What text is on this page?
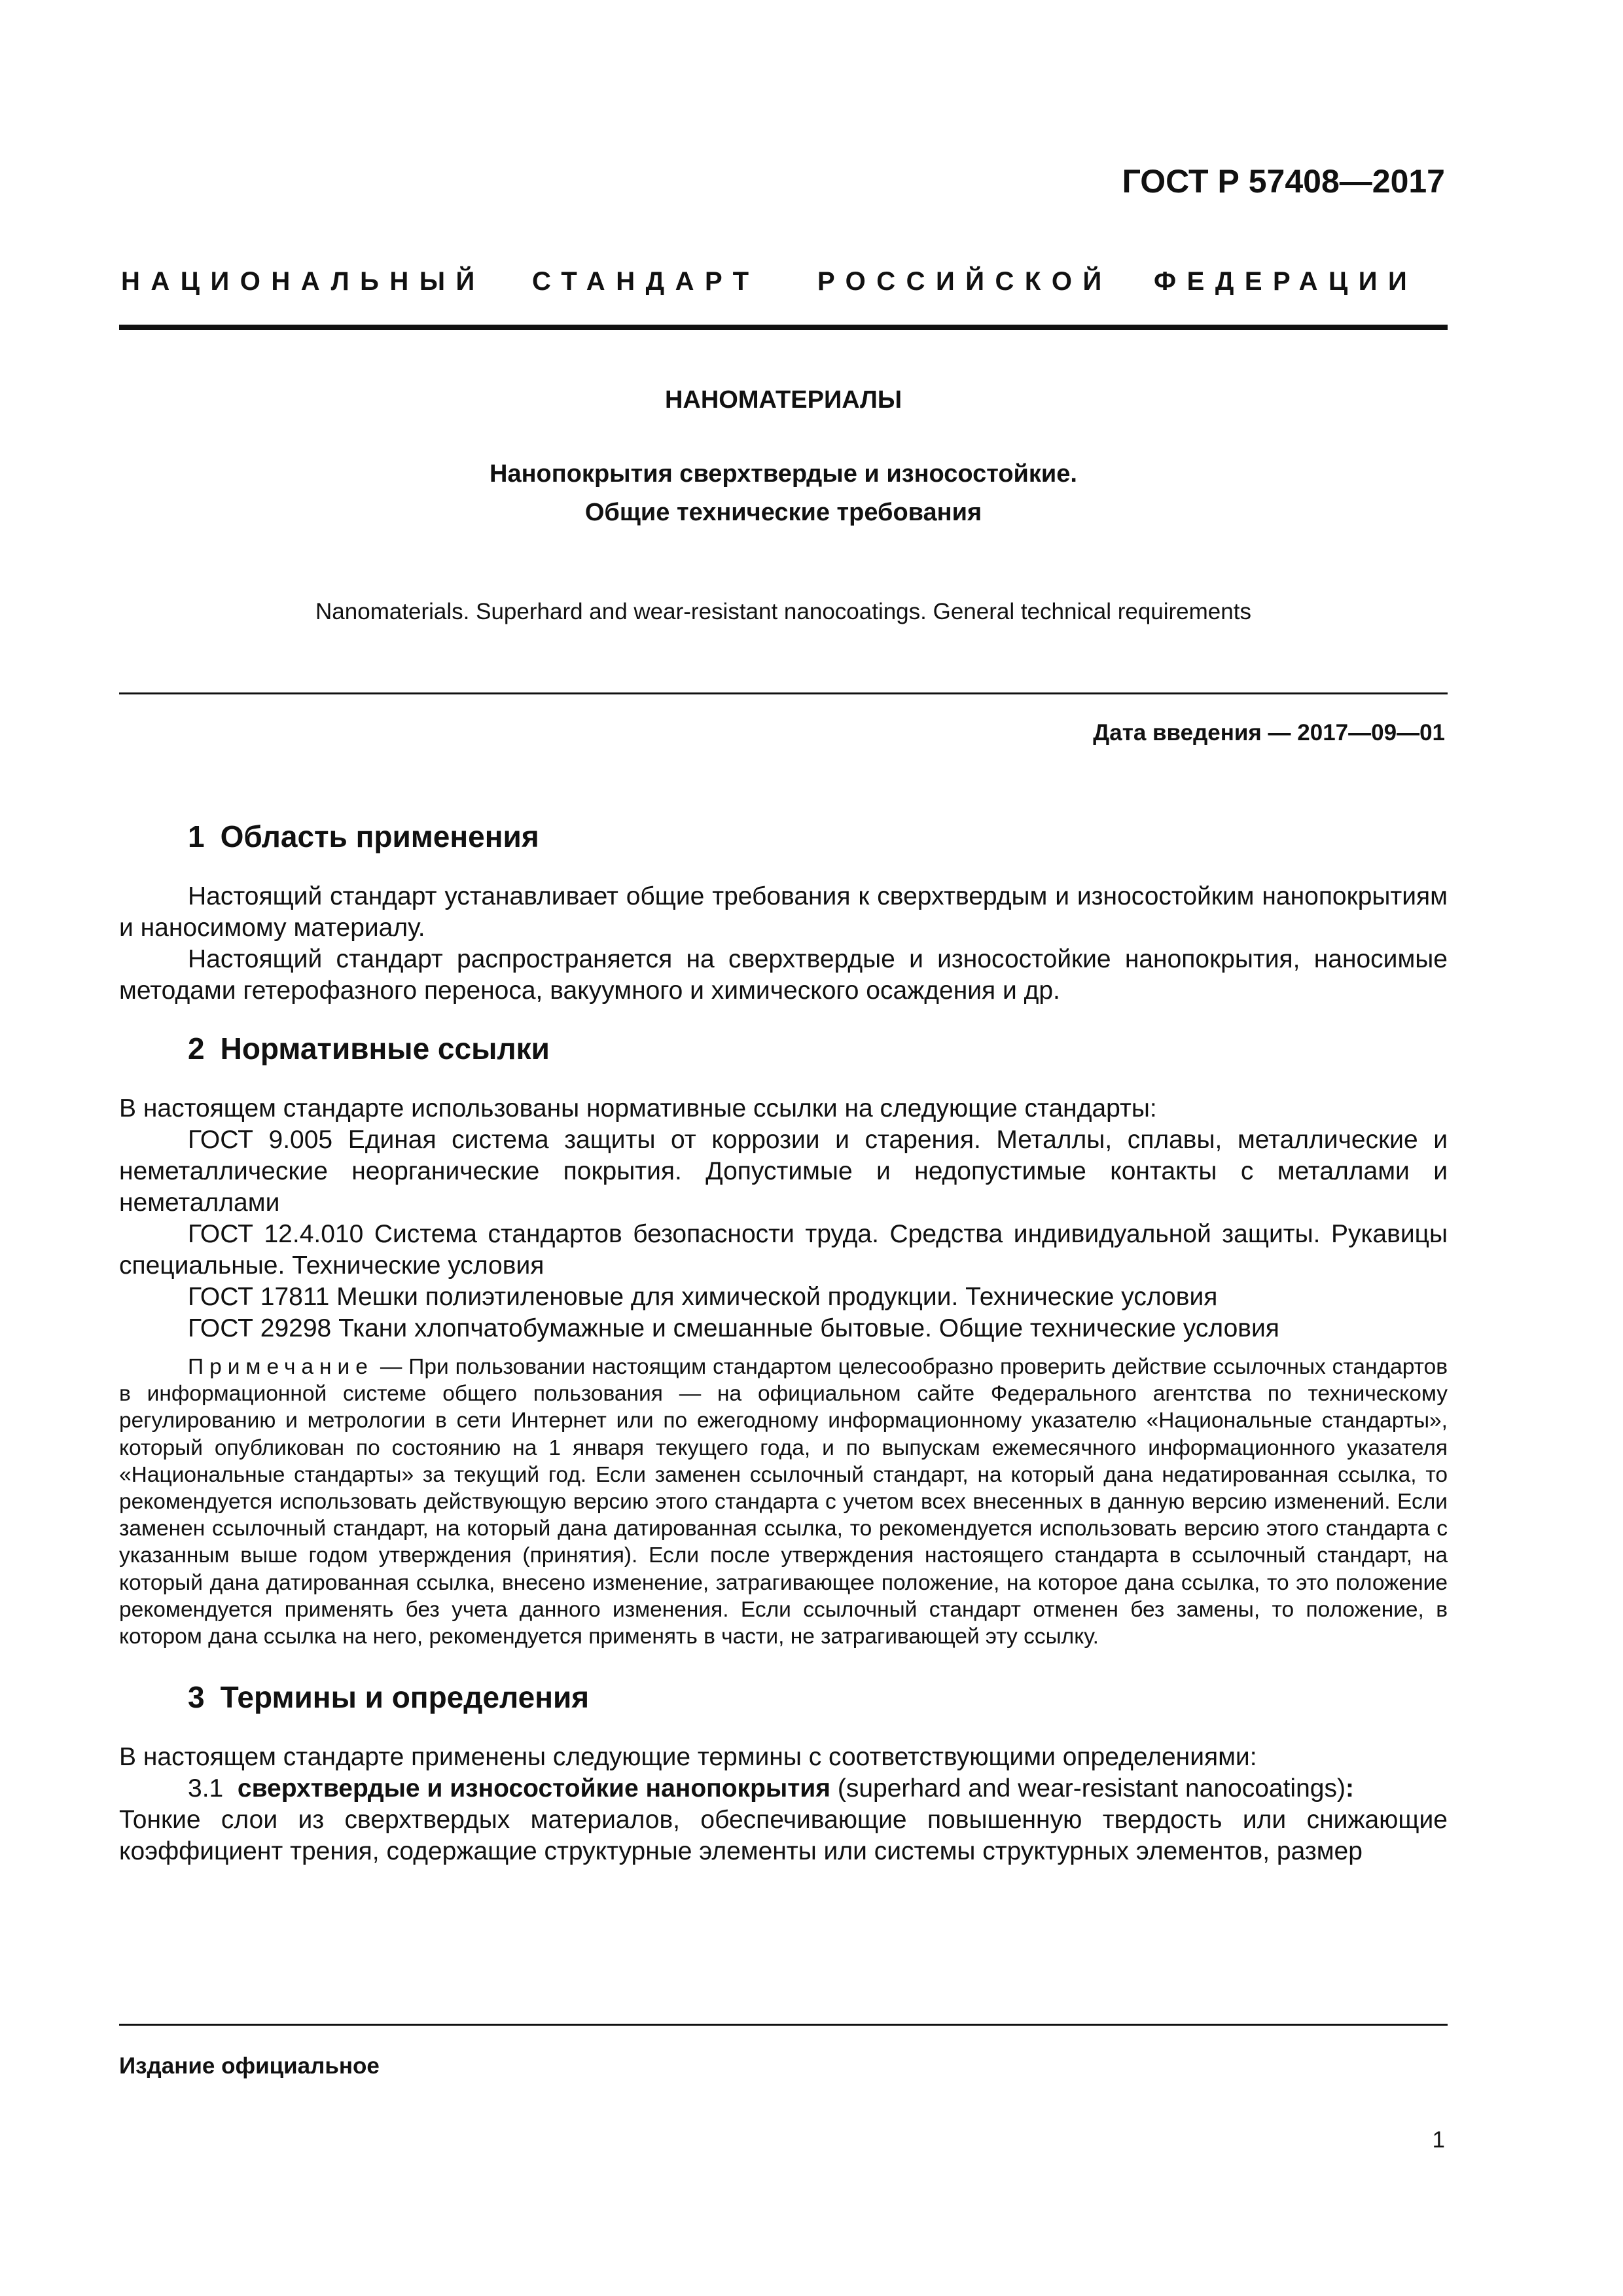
ГОСТ Р 57408—2017
НАЦИОНАЛЬНЫЙ СТАНДАРТ РОССИЙСКОЙ ФЕДЕРАЦИИ
НАНОМАТЕРИАЛЫ
Нанопокрытия сверхтвердые и износостойкие.
Общие технические требования
Nanomaterials. Superhard and wear-resistant nanocoatings. General technical requirements
Дата введения — 2017—09—01
1 Область применения

Настоящий стандарт устанавливает общие требования к сверхтвердым и износостойким нанопокрытиям и наносимому материалу.

Настоящий стандарт распространяется на сверхтвердые и износостойкие нанопокрытия, наносимые методами гетерофазного переноса, вакуумного и химического осаждения и др.

2 Нормативные ссылки

В настоящем стандарте использованы нормативные ссылки на следующие стандарты:

ГОСТ 9.005 Единая система защиты от коррозии и старения. Металлы, сплавы, металлические и неметаллические неорганические покрытия. Допустимые и недопустимые контакты с металлами и неметаллами

ГОСТ 12.4.010 Система стандартов безопасности труда. Средства индивидуальной защиты. Рукавицы специальные. Технические условия

ГОСТ 17811 Мешки полиэтиленовые для химической продукции. Технические условия

ГОСТ 29298 Ткани хлопчатобумажные и смешанные бытовые. Общие технические условия

Примечание — При пользовании настоящим стандартом целесообразно проверить действие ссылочных стандартов в информационной системе общего пользования — на официальном сайте Федерального агентства по техническому регулированию и метрологии в сети Интернет или по ежегодному информационному указателю «Национальные стандарты», который опубликован по состоянию на 1 января текущего года, и по выпускам ежемесячного информационного указателя «Национальные стандарты» за текущий год. Если заменен ссылочный стандарт, на который дана недатированная ссылка, то рекомендуется использовать действующую версию этого стандарта с учетом всех внесенных в данную версию изменений. Если заменен ссылочный стандарт, на который дана датированная ссылка, то рекомендуется использовать версию этого стандарта с указанным выше годом утверждения (принятия). Если после утверждения настоящего стандарта в ссылочный стандарт, на который дана датированная ссылка, внесено изменение, затрагивающее положение, на которое дана ссылка, то это положение рекомендуется применять без учета данного изменения. Если ссылочный стандарт отменен без замены, то положение, в котором дана ссылка на него, рекомендуется применять в части, не затрагивающей эту ссылку.

3 Термины и определения

В настоящем стандарте применены следующие термины с соответствующими определениями:

3.1 сверхтвердые и износостойкие нанопокрытия (superhard and wear-resistant nanocoatings):

Тонкие слои из сверхтвердых материалов, обеспечивающие повышенную твердость или снижающие коэффициент трения, содержащие структурные элементы или системы структурных элементов, размер

Издание официальное
1
